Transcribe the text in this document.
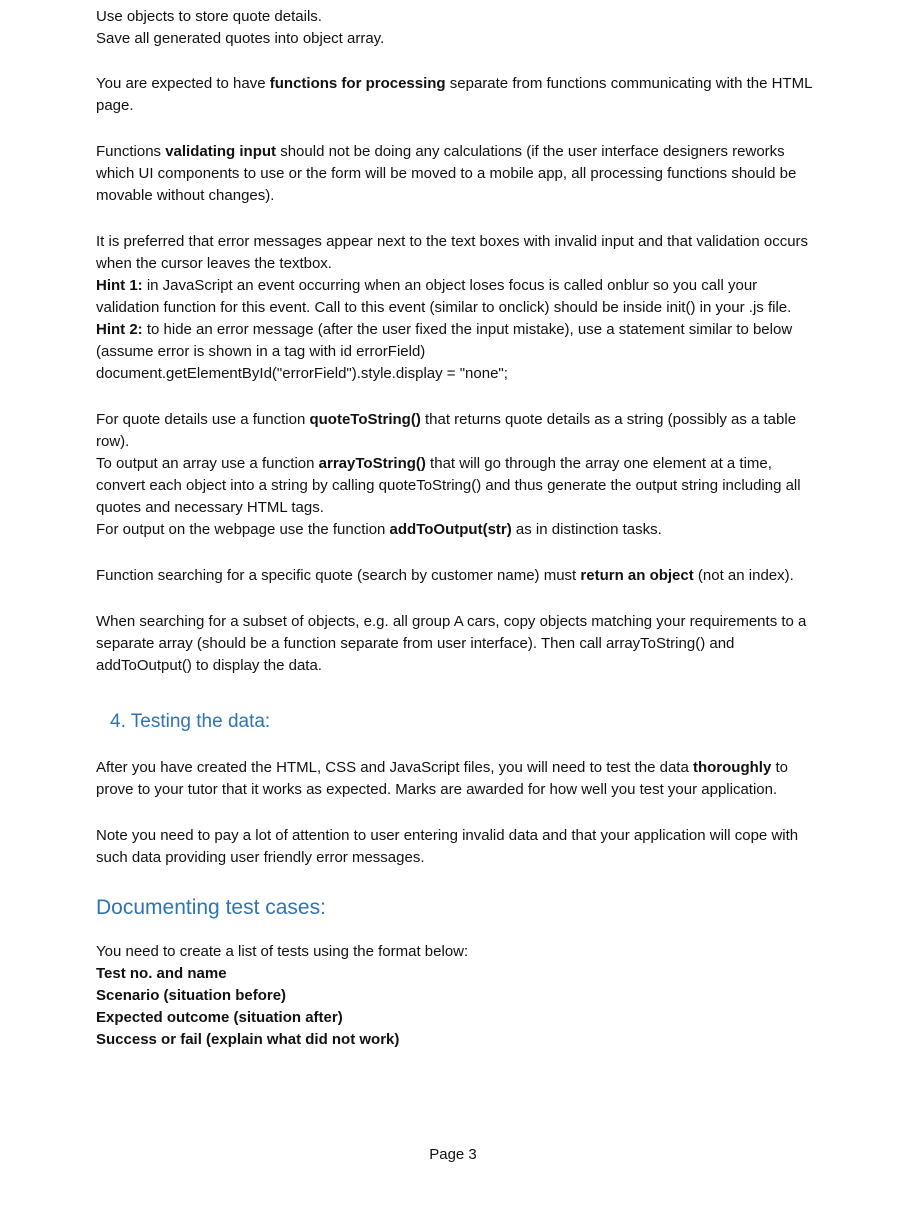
Use objects to store quote details.
Save all generated quotes into object array.

You are expected to have functions for processing separate from functions communicating with the HTML page.

Functions validating input should not be doing any calculations (if the user interface designers reworks which UI components to use or the form will be moved to a mobile app, all processing functions should be movable without changes).

It is preferred that error messages appear next to the text boxes with invalid input and that validation occurs when the cursor leaves the textbox.
Hint 1: in JavaScript an event occurring when an object loses focus is called onblur so you call your validation function for this event. Call to this event (similar to onclick) should be inside init() in your .js file.
Hint 2: to hide an error message (after the user fixed the input mistake), use a statement similar to below (assume error is shown in a tag with id errorField)
document.getElementById("errorField").style.display = "none";

For quote details use a function quoteToString() that returns quote details as a string (possibly as a table row).
To output an array use a function arrayToString() that will go through the array one element at a time, convert each object into a string by calling quoteToString() and thus generate the output string including all quotes and necessary HTML tags.
For output on the webpage use the function addToOutput(str) as in distinction tasks.

Function searching for a specific quote (search by customer name) must return an object (not an index).

When searching for a subset of objects, e.g. all group A cars, copy objects matching your requirements to a separate array (should be a function separate from user interface). Then call arrayToString() and addToOutput() to display the data.

4. Testing the data:

After you have created the HTML, CSS and JavaScript files, you will need to test the data thoroughly to prove to your tutor that it works as expected. Marks are awarded for how well you test your application.

Note you need to pay a lot of attention to user entering invalid data and that your application will cope with such data providing user friendly error messages.

Documenting test cases:

You need to create a list of tests using the format below:
Test no. and name
Scenario (situation before)
Expected outcome (situation after)
Success or fail (explain what did not work)

Page 3
